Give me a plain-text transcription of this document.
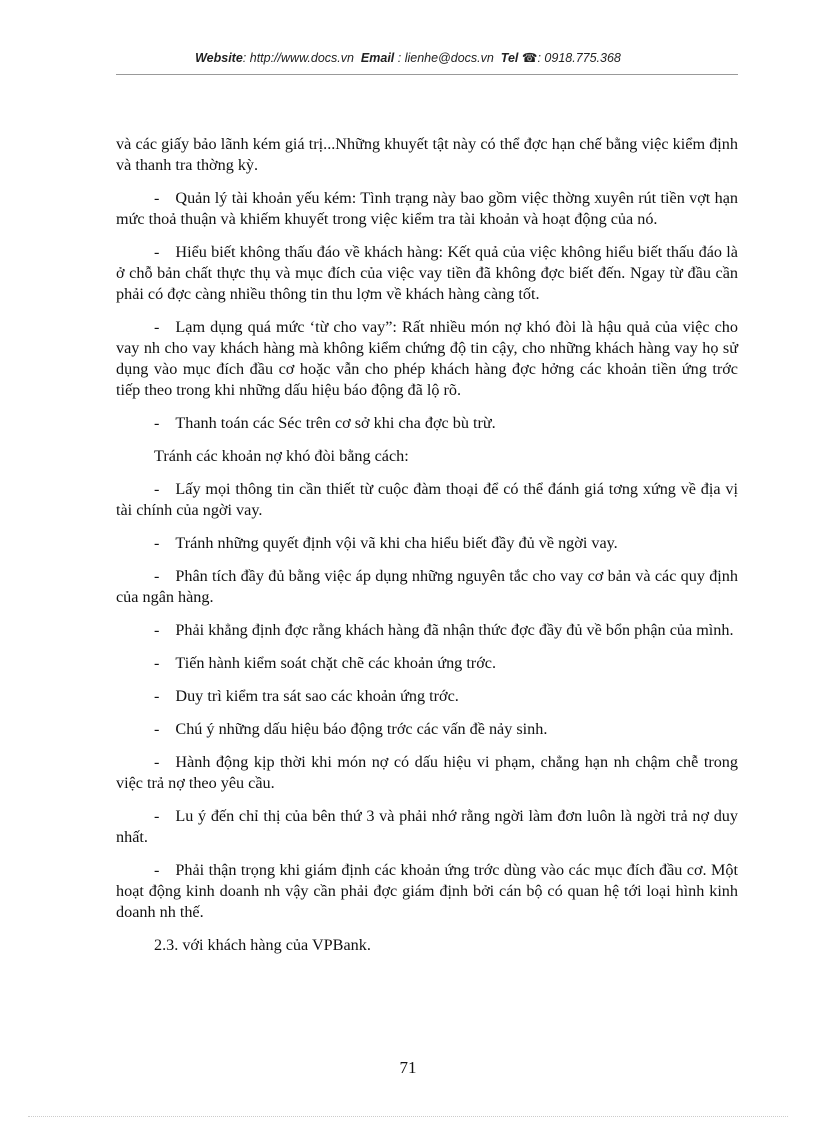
Website: http://www.docs.vn Email : lienhe@docs.vn Tel ☎: 0918.775.368

và các giấy bảo lãnh kém giá trị...Những khuyết tật này có thể đợc hạn chế bằng việc kiểm định và thanh tra thờng kỳ.

- Quản lý tài khoản yếu kém: Tình trạng này bao gồm việc thờng xuyên rút tiền vợt hạn mức thoả thuận và khiếm khuyết trong việc kiểm tra tài khoản và hoạt động của nó.

- Hiểu biết không thấu đáo về khách hàng: Kết quả của việc không hiểu biết thấu đáo là ở chỗ bản chất thực thụ và mục đích của việc vay tiền đã không đợc biết đến. Ngay từ đầu cần phải có đợc càng nhiều thông tin thu lợm về khách hàng càng tốt.

- Lạm dụng quá mức ‘từ cho vay”: Rất nhiều món nợ khó đòi là hậu quả của việc cho vay nh cho vay khách hàng mà không kiểm chứng độ tin cậy, cho những khách hàng vay họ sử dụng vào mục đích đầu cơ hoặc vẫn cho phép khách hàng đợc hởng các khoản tiền ứng trớc tiếp theo trong khi những dấu hiệu báo động đã lộ rõ.

- Thanh toán các Séc trên cơ sở khi cha đợc bù trừ.

Tránh các khoản nợ khó đòi bằng cách:

- Lấy mọi thông tin cần thiết từ cuộc đàm thoại để có thể đánh giá tơng xứng về địa vị tài chính của ngời vay.

- Tránh những quyết định vội vã khi cha hiểu biết đầy đủ về ngời vay.

- Phân tích đầy đủ bằng việc áp dụng những nguyên tắc cho vay cơ bản và các quy định của ngân hàng.

- Phải khẳng định đợc rằng khách hàng đã nhận thức đợc đầy đủ về bổn phận của mình.

- Tiến hành kiểm soát chặt chẽ các khoản ứng trớc.

- Duy trì kiểm tra sát sao các khoản ứng trớc.

- Chú ý những dấu hiệu báo động trớc các vấn đề nảy sinh.

- Hành động kịp thời khi món nợ có dấu hiệu vi phạm, chẳng hạn nh chậm chễ trong việc trả nợ theo yêu cầu.

- Lu ý đến chỉ thị của bên thứ 3 và phải nhớ rằng ngời làm đơn luôn là ngời trả nợ duy nhất.

- Phải thận trọng khi giám định các khoản ứng trớc dùng vào các mục đích đầu cơ. Một hoạt động kinh doanh nh vậy cần phải đợc giám định bởi cán bộ có quan hệ tới loại hình kinh doanh nh thế.

2.3. với khách hàng của VPBank.

71
